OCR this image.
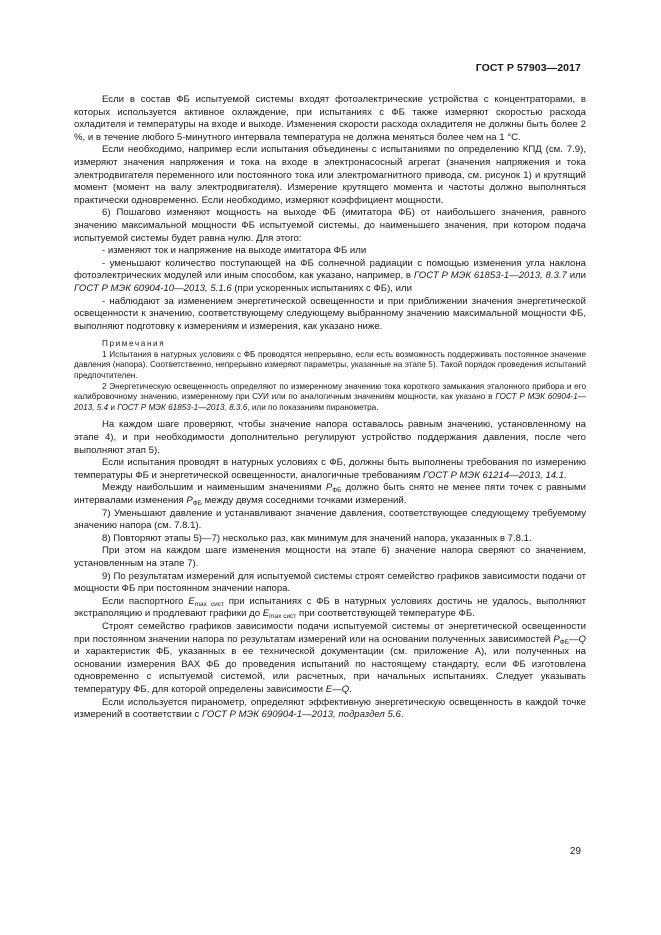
ГОСТ Р 57903—2017

Если в состав ФБ испытуемой системы входят фотоэлектрические устройства с концентраторами, в которых используется активное охлаждение, при испытаниях с ФБ также измеряют скоростью расхода охладителя и температуры на входе и выходе. Изменения скорости расхода охладителя не должны быть более 2 %, и в течение любого 5-минутного интервала температура не должна меняться более чем на 1 °С.

Если необходимо, например если испытания объединены с испытаниями по определению КПД (см. 7.9), измеряют значения напряжения и тока на входе в электронасосный агрегат (значения напряжения и тока электродвигателя переменного или постоянного тока или электромагнитного привода, см. рисунок 1) и крутящий момент (момент на валу электродвигателя). Измерение крутящего момента и частоты должно выполняться практически одновременно. Если необходимо, измеряют коэффициент мощности.

6) Пошагово изменяют мощность на выходе ФБ (имитатора ФБ) от наибольшего значения, равного значению максимальной мощности ФБ испытуемой системы, до наименьшего значения, при котором подача испытуемой системы будет равна нулю. Для этого:

- изменяют ток и напряжение на выходе имитатора ФБ или

- уменьшают количество поступающей на ФБ солнечной радиации с помощью изменения угла наклона фотоэлектрических модулей или иным способом, как указано, например, в ГОСТ Р МЭК 61853-1—2013, 8.3.7 или ГОСТ Р МЭК 60904-10—2013, 5.1.6 (при ускоренных испытаниях с ФБ), или

- наблюдают за изменением энергетической освещенности и при приближении значения энергетической освещенности к значению, соответствующему следующему выбранному значению максимальной мощности ФБ, выполняют подготовку к измерениям и измерения, как указано ниже.

Примечания

1 Испытания в натурных условиях с ФБ проводятся непрерывно, если есть возможность поддерживать постоянное значение давления (напора). Соответственно, непрерывно измеряют параметры, указанные на этапе 5). Такой порядок проведения испытаний предпочтителен.

2 Энергетическую освещенность определяют по измеренному значению тока короткого замыкания эталонного прибора и его калибровочному значению, измеренному при СУИ или по аналогичным значениям мощности, как указано в ГОСТ Р МЭК 60904-1—2013, 5.4 и ГОСТ Р МЭК 61853-1—2013, 8.3.6, или по показаниям пиранометра.

На каждом шаге проверяют, чтобы значение напора оставалось равным значению, установленному на этапе 4), и при необходимости дополнительно регулируют устройство поддержания давления, после чего выполняют этап 5).

Если испытания проводят в натурных условиях с ФБ, должны быть выполнены требования по измерению температуры ФБ и энергетической освещенности, аналогичные требованиям ГОСТ Р МЭК 61214—2013, 14.1.

Между наибольшим и наименьшим значениями $P_{ФБ}$ должно быть снято не менее пяти точек с равными интервалами изменения $P_{ФБ}$ между двумя соседними точками измерений.

7) Уменьшают давление и устанавливают значение давления, соответствующее следующему требуемому значению напора (см. 7.8.1).

8) Повторяют этапы 5)—7) несколько раз, как минимум для значений напора, указанных в 7.8.1.

При этом на каждом шаге изменения мощности на этапе 6) значение напора сверяют со значением, установленным на этапе 7).

9) По результатам измерений для испытуемой системы строят семейство графиков зависимости подачи от мощности ФБ при постоянном значении напора.

Если паспортного $E_{max сист}$ при испытаниях с ФБ в натурных условиях достичь не удалось, выполняют экстраполяцию и продлевают графики до $E_{max сист}$ при соответствующей температуре ФБ.

Строят семейство графиков зависимости подачи испытуемой системы от энергетической освещенности при постоянном значении напора по результатам измерений или на основании полученных зависимостей $P_{ФБ}—Q$ и характеристик ФБ, указанных в ее технической документации (см. приложение А), или полученных на основании измерения ВАХ ФБ до проведения испытаний по настоящему стандарту, если ФБ изготовлена одновременно с испытуемой системой, или расчетных, при начальных испытаниях. Следует указывать температуру ФБ, для которой определены зависимости E—Q.

Если используется пиранометр, определяют эффективную энергетическую освещенность в каждой точке измерений в соответствии с ГОСТ Р МЭК 690904-1—2013, подраздел 5.6.

29
